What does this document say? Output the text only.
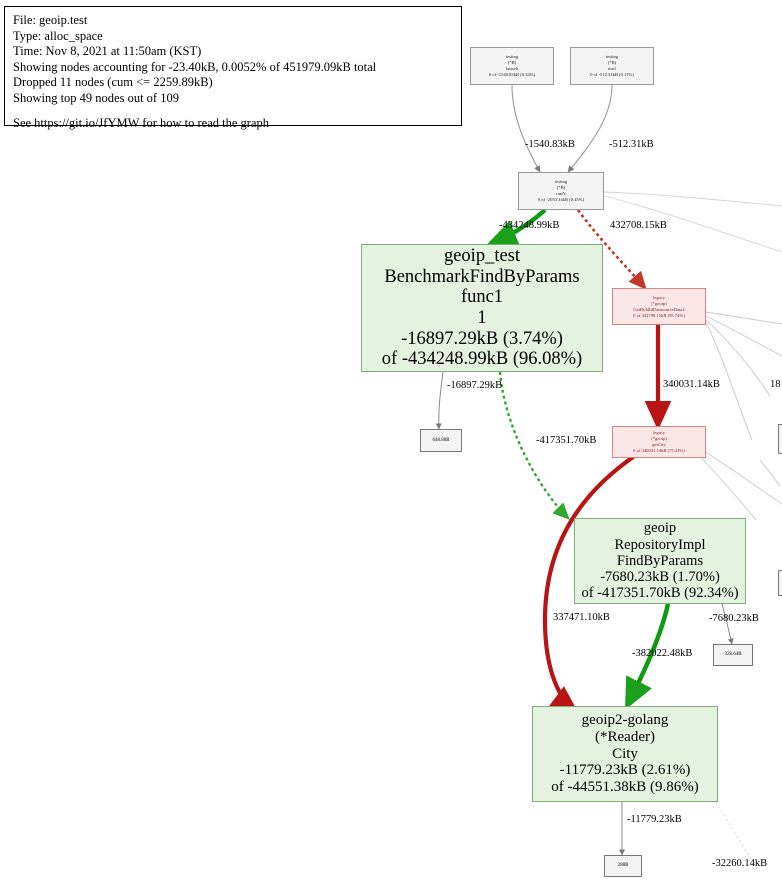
File: geoip.test
Type: alloc_space
Time: Nov 8, 2021 at 11:50am (KST)
Showing nodes accounting for -23.40kB, 0.0052% of 451979.09kB total
Dropped 11 nodes (cum <= 2259.89kB)
Showing top 49 nodes out of 109
See https://git.io/JfYMW for how to read the graph
testing
(*B)
launch
0 of -1540.83kB (0.34%)
testing
(*B)
run1
0 of -512.31kB (0.11%)
testing
(*B)
runN
0 of -2053.14kB (0.45%)
geoip_test
BenchmarkFindByParams
func1
1
-16897.29kB (3.74%)
of -434248.99kB (96.08%)
legacy
(*geoip)
GetByIdIdDatasourceData2
0 of 432708.15kB (95.74%)
legacy
(*geoip)
getCity
0 of 340031.14kB (75.23%)
geoip
RepositoryImpl
FindByParams
-7680.23kB (1.70%)
of -417351.70kB (92.34%)
geoip2-golang
(*Reader)
City
-11779.23kB (2.61%)
of -44551.38kB (9.86%)
648.80B
328.64B
288B
-1540.83kB	-512.31kB
-434248.99kB	432708.15kB
-16897.29kB	340031.14kB	18
-417351.70kB
337471.10kB	-7680.23kB
-382022.48kB
-11779.23kB
-32260.14kB
